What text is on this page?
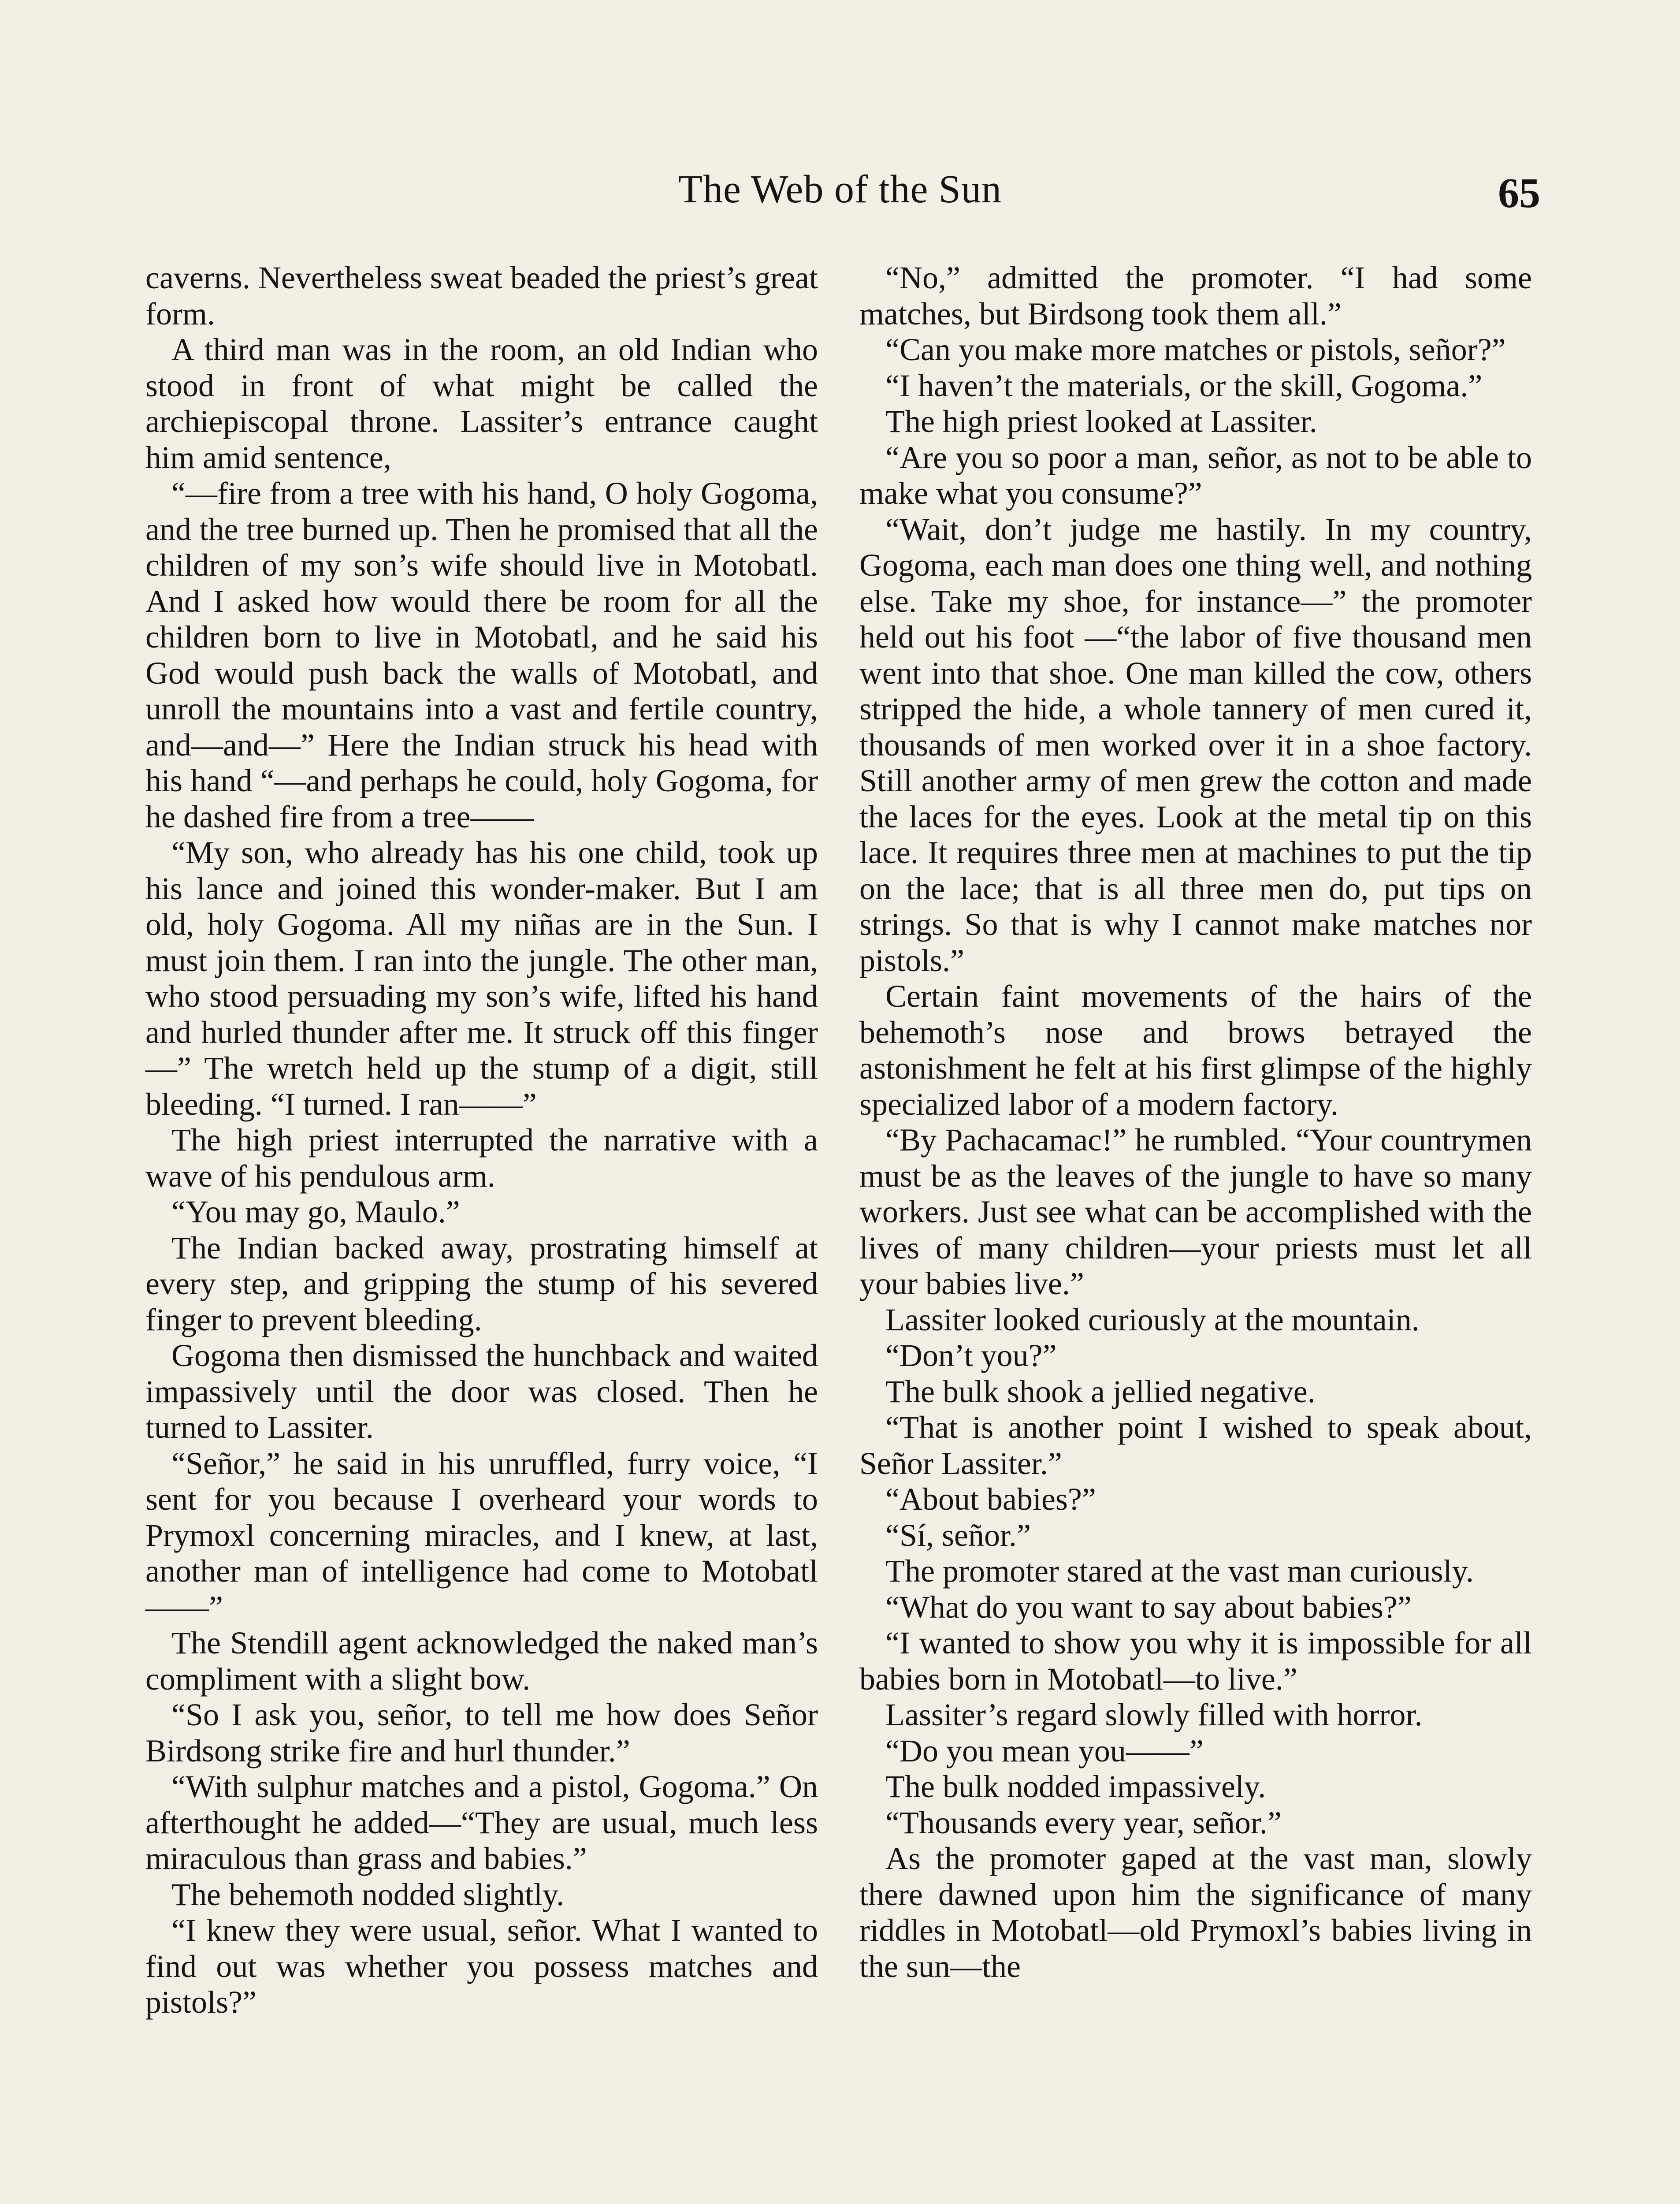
The Web of the Sun	65

caverns. Nevertheless sweat beaded the priest’s great form.

A third man was in the room, an old Indian who stood in front of what might be called the archiepiscopal throne. Lassiter’s entrance caught him amid sentence,

“—fire from a tree with his hand, O holy Gogoma, and the tree burned up. Then he promised that all the children of my son’s wife should live in Motobatl. And I asked how would there be room for all the children born to live in Motobatl, and he said his God would push back the walls of Motobatl, and unroll the mountains into a vast and fertile country, and—and—” Here the Indian struck his head with his hand “—and perhaps he could, holy Gogoma, for he dashed fire from a tree——

“My son, who already has his one child, took up his lance and joined this wonder-maker. But I am old, holy Gogoma. All my niñas are in the Sun. I must join them. I ran into the jungle. The other man, who stood persuading my son’s wife, lifted his hand and hurled thunder after me. It struck off this finger—” The wretch held up the stump of a digit, still bleeding. “I turned. I ran——”

The high priest interrupted the narrative with a wave of his pendulous arm.

“You may go, Maulo.”

The Indian backed away, prostrating himself at every step, and gripping the stump of his severed finger to prevent bleeding.

Gogoma then dismissed the hunchback and waited impassively until the door was closed. Then he turned to Lassiter.

“Señor,” he said in his unruffled, furry voice, “I sent for you because I overheard your words to Prymoxl concerning miracles, and I knew, at last, another man of intelligence had come to Motobatl——”

The Stendill agent acknowledged the naked man’s compliment with a slight bow.

“So I ask you, señor, to tell me how does Señor Birdsong strike fire and hurl thunder.”

“With sulphur matches and a pistol, Gogoma.” On afterthought he added—“They are usual, much less miraculous than grass and babies.”

The behemoth nodded slightly.

“I knew they were usual, señor. What I wanted to find out was whether you possess matches and pistols?”

“No,” admitted the promoter. “I had some matches, but Birdsong took them all.”

“Can you make more matches or pistols, señor?”

“I haven’t the materials, or the skill, Gogoma.”

The high priest looked at Lassiter.

“Are you so poor a man, señor, as not to be able to make what you consume?”

“Wait, don’t judge me hastily. In my country, Gogoma, each man does one thing well, and nothing else. Take my shoe, for instance—” the promoter held out his foot —“the labor of five thousand men went into that shoe. One man killed the cow, others stripped the hide, a whole tannery of men cured it, thousands of men worked over it in a shoe factory. Still another army of men grew the cotton and made the laces for the eyes. Look at the metal tip on this lace. It requires three men at machines to put the tip on the lace; that is all three men do, put tips on strings. So that is why I cannot make matches nor pistols.”

Certain faint movements of the hairs of the behemoth’s nose and brows betrayed the astonishment he felt at his first glimpse of the highly specialized labor of a modern factory.

“By Pachacamac!” he rumbled. “Your countrymen must be as the leaves of the jungle to have so many workers. Just see what can be accomplished with the lives of many children—your priests must let all your babies live.”

Lassiter looked curiously at the mountain.

“Don’t you?”

The bulk shook a jellied negative.

“That is another point I wished to speak about, Señor Lassiter.”

“About babies?”

“Sí, señor.”

The promoter stared at the vast man curiously.

“What do you want to say about babies?”

“I wanted to show you why it is impossible for all babies born in Motobatl—to live.”

Lassiter’s regard slowly filled with horror.

“Do you mean you——”

The bulk nodded impassively.

“Thousands every year, señor.”

As the promoter gaped at the vast man, slowly there dawned upon him the significance of many riddles in Motobatl—old Prymoxl’s babies living in the sun—the
